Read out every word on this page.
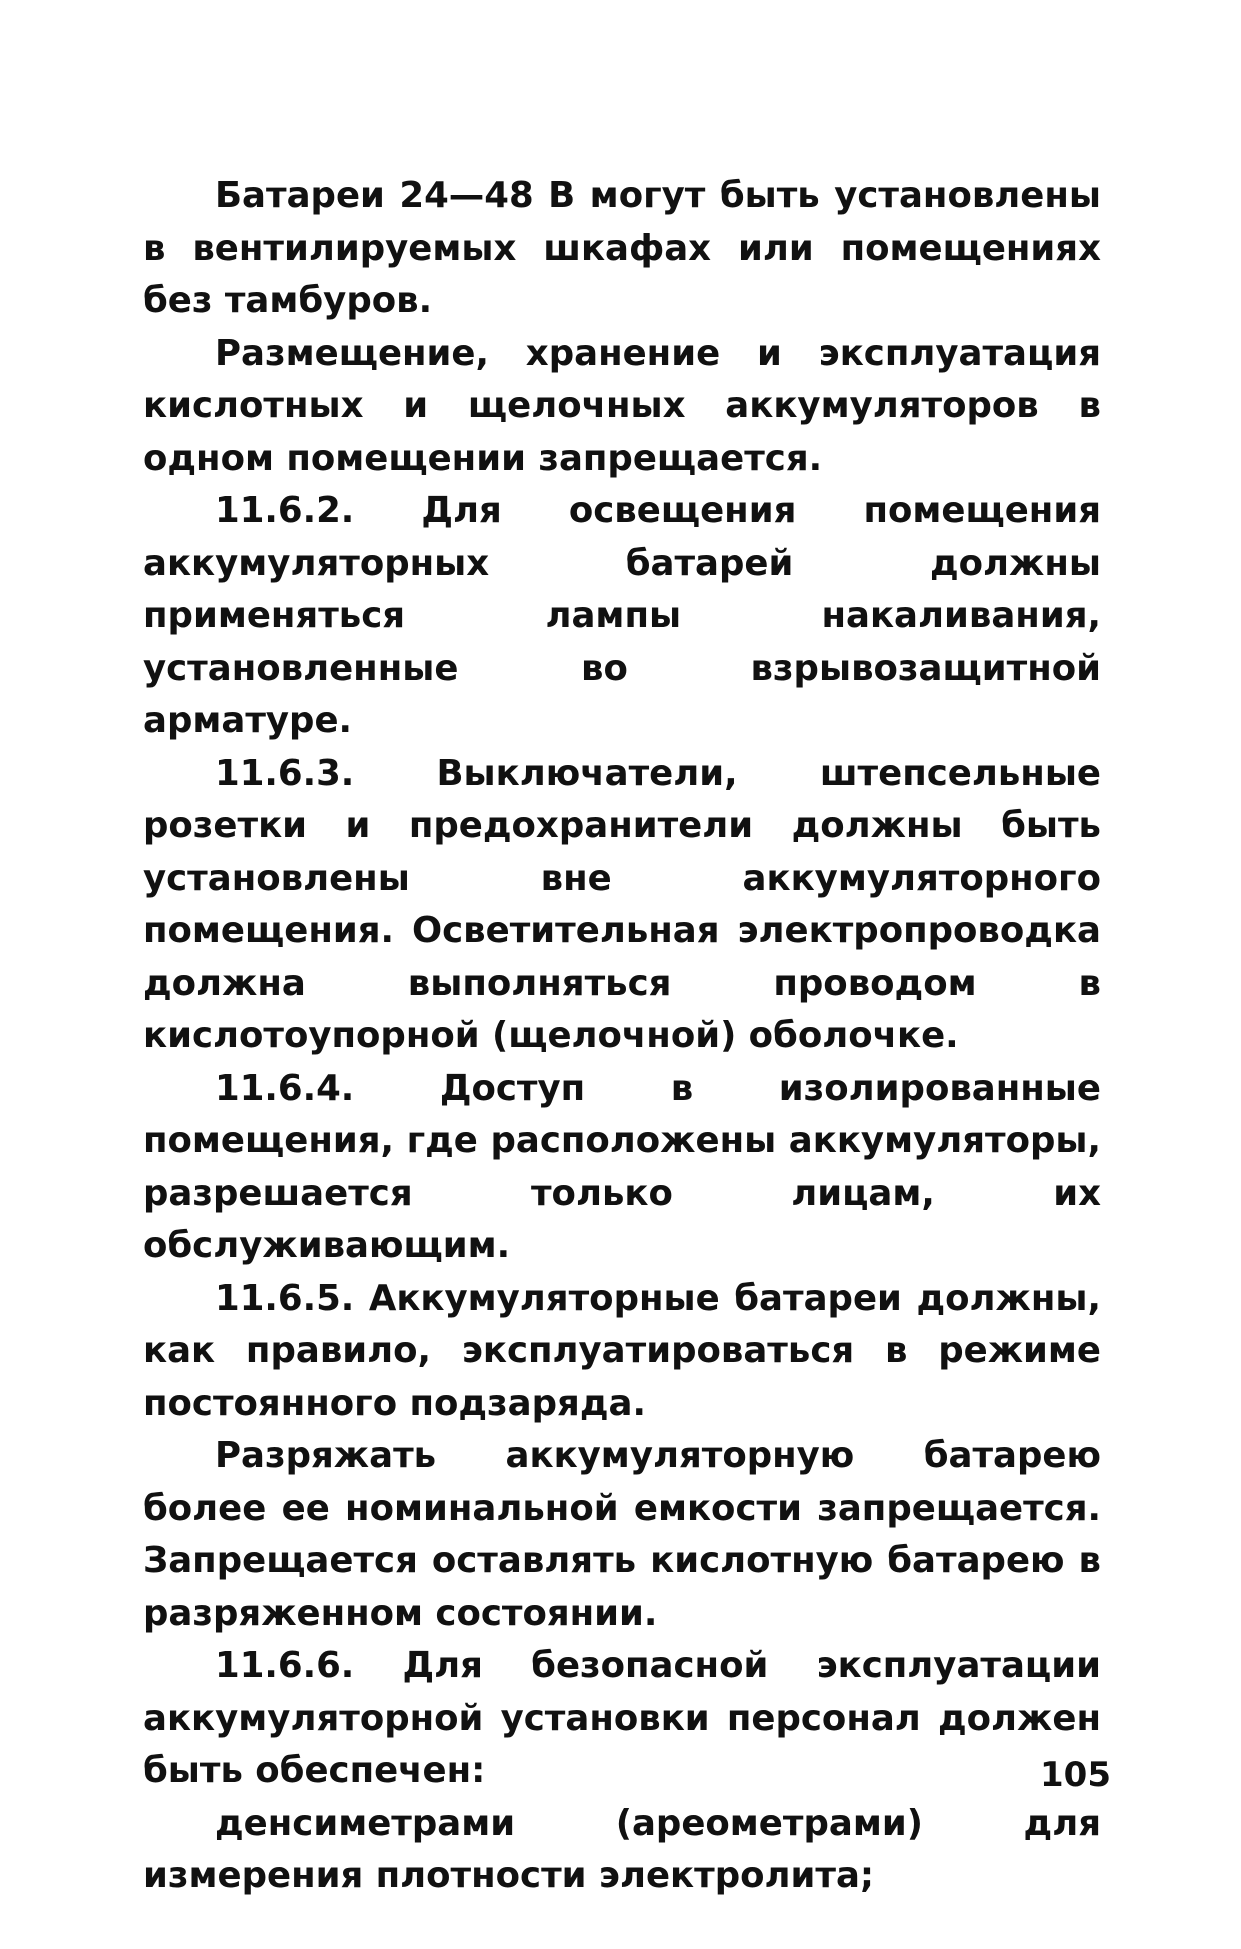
Батареи 24—48 В могут быть установлены в вентилируемых шкафах или помещениях без тамбуров.

Размещение, хранение и эксплуатация кислотных и щелочных аккумуляторов в одном помещении запрещается.

11.6.2. Для освещения помещения аккумуляторных батарей должны применяться лампы накаливания, установленные во взрывозащитной арматуре.

11.6.3. Выключатели, штепсельные розетки и предохранители должны быть установлены вне аккумуляторного помещения. Осветительная электропроводка должна выполняться проводом в кислотоупорной (щелочной) оболочке.

11.6.4. Доступ в изолированные помещения, где расположены аккумуляторы, разрешается только лицам, их обслуживающим.

11.6.5. Аккумуляторные батареи должны, как правило, эксплуатироваться в режиме постоянного подзаряда.

Разряжать аккумуляторную батарею более ее номинальной емкости запрещается. Запрещается оставлять кислотную батарею в разряженном состоянии.

11.6.6. Для безопасной эксплуатации аккумуляторной установки персонал должен быть обеспечен:

денсиметрами (ареометрами) для измерения плотности электролита;

105
